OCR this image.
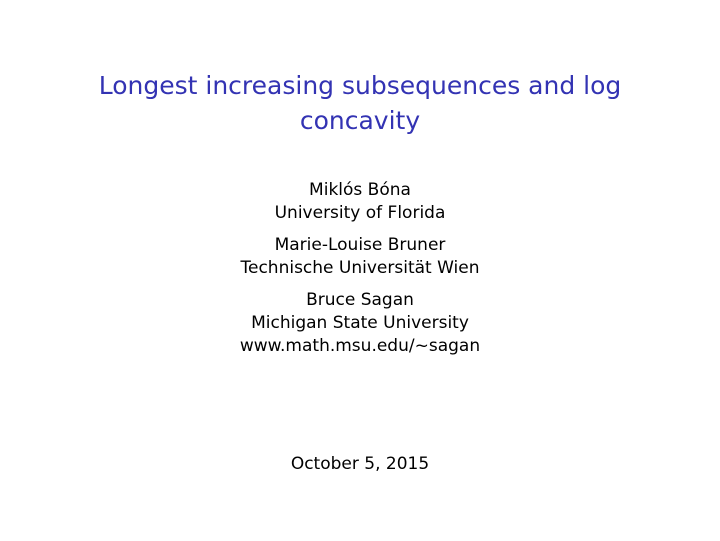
Longest increasing subsequences and log
concavity
Miklós Bóna
University of Florida
Marie-Louise Bruner
Technische Universität Wien
Bruce Sagan
Michigan State University
www.math.msu.edu/~sagan
October 5, 2015
